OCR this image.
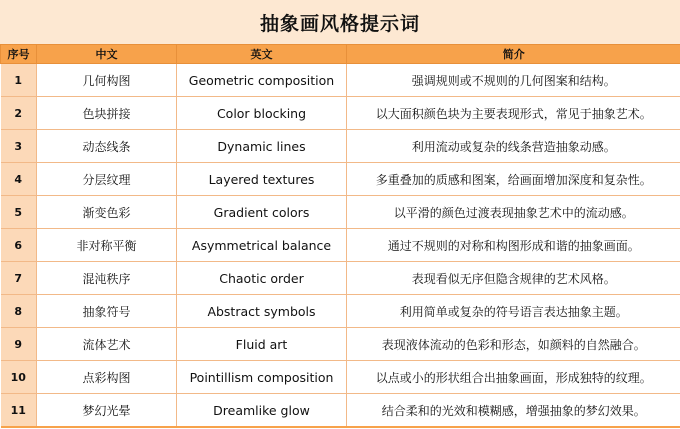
抽象画风格提示词
序号	中文	英文	简介
1	几何构图	Geometric composition	强调规则或不规则的几何图案和结构。
2	色块拼接	Color blocking	以大面积颜色块为主要表现形式，常见于抽象艺术。
3	动态线条	Dynamic lines	利用流动或复杂的线条营造抽象动感。
4	分层纹理	Layered textures	多重叠加的质感和图案，给画面增加深度和复杂性。
5	渐变色彩	Gradient colors	以平滑的颜色过渡表现抽象艺术中的流动感。
6	非对称平衡	Asymmetrical balance	通过不规则的对称和构图形成和谐的抽象画面。
7	混沌秩序	Chaotic order	表现看似无序但隐含规律的艺术风格。
8	抽象符号	Abstract symbols	利用简单或复杂的符号语言表达抽象主题。
9	流体艺术	Fluid art	表现液体流动的色彩和形态，如颜料的自然融合。
10	点彩构图	Pointillism composition	以点或小的形状组合出抽象画面，形成独特的纹理。
11	梦幻光晕	Dreamlike glow	结合柔和的光效和模糊感，增强抽象的梦幻效果。
